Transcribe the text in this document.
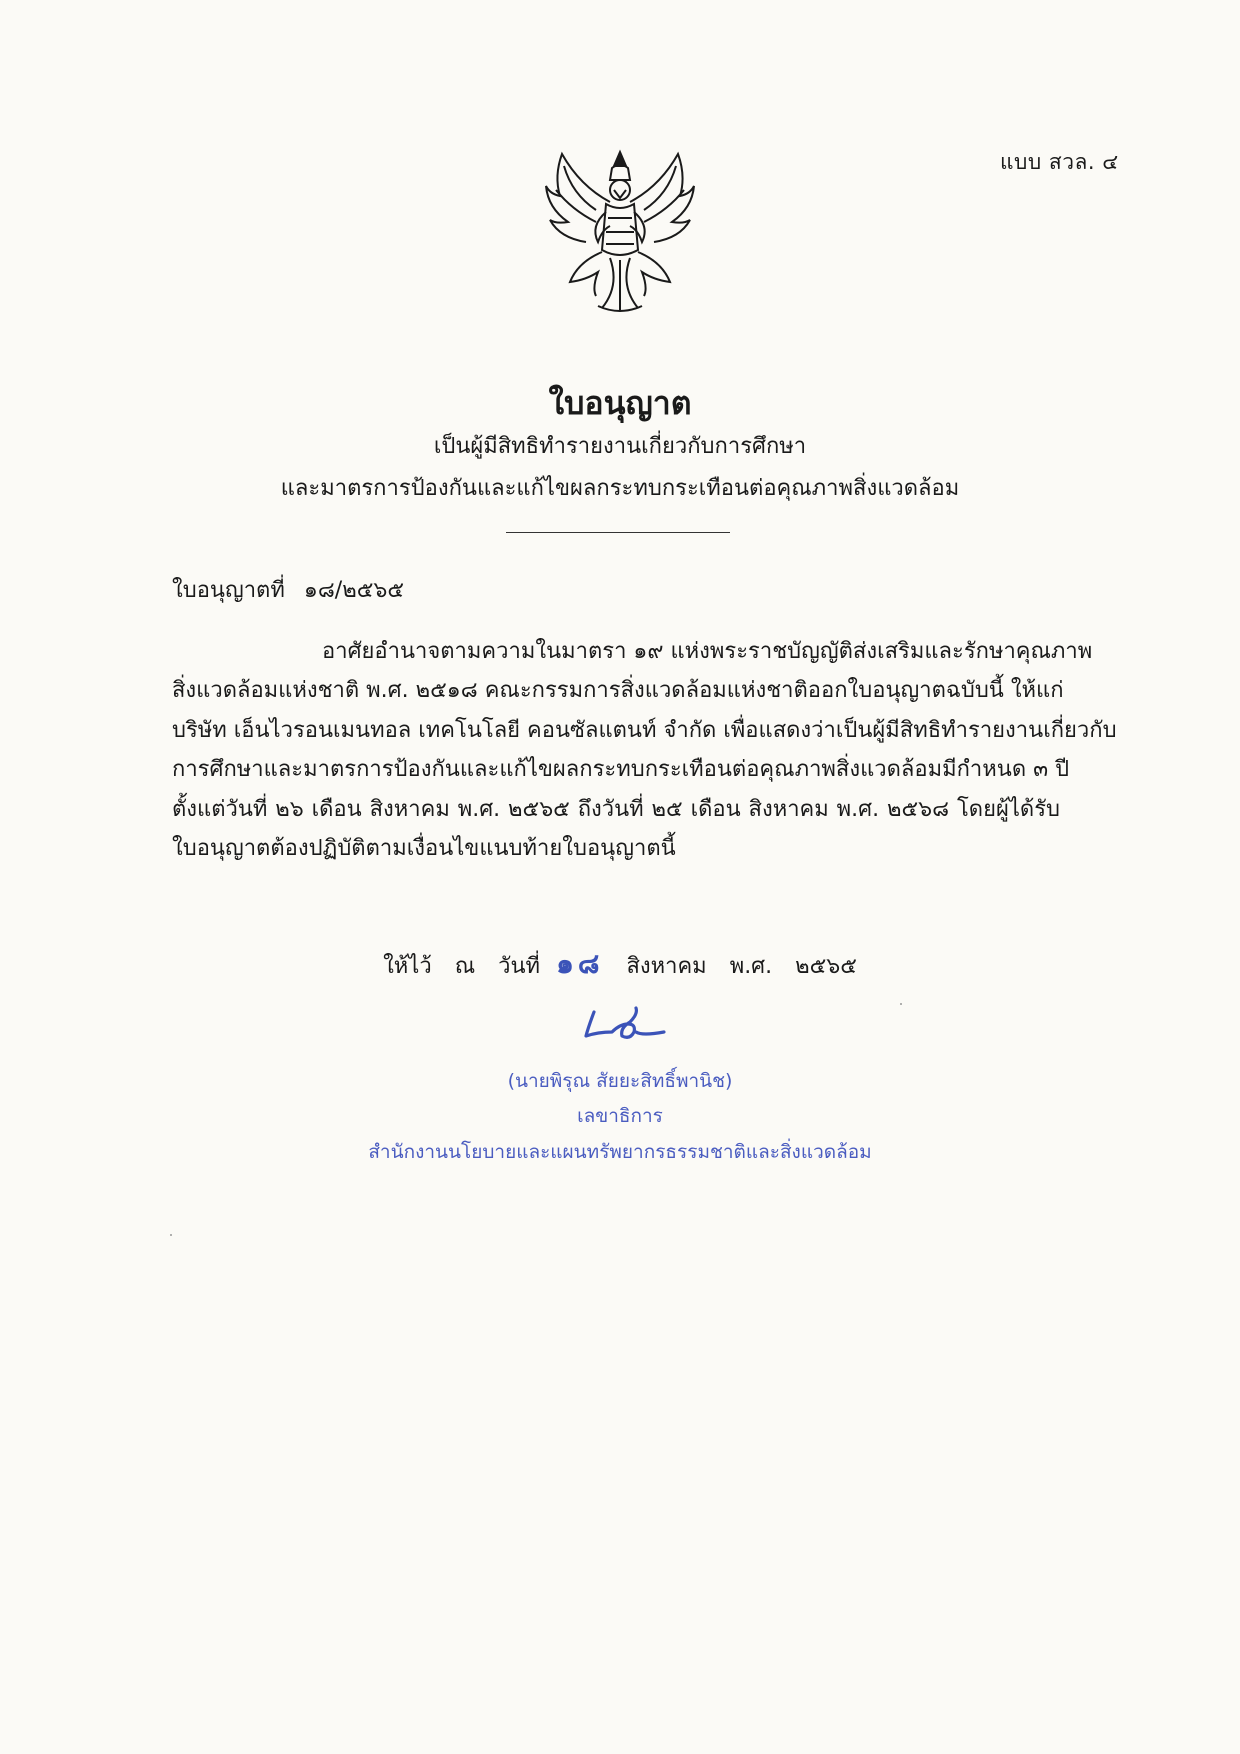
แบบ สวล. ๔
ใบอนุญาต
เป็นผู้มีสิทธิทำรายงานเกี่ยวกับการศึกษา
และมาตรการป้องกันและแก้ไขผลกระทบกระเทือนต่อคุณภาพสิ่งแวดล้อม
ใบอนุญาตที่ ๑๘/๒๕๖๕
อาศัยอำนาจตามความในมาตรา ๑๙ แห่งพระราชบัญญัติส่งเสริมและรักษาคุณภาพ
สิ่งแวดล้อมแห่งชาติ พ.ศ. ๒๕๑๘ คณะกรรมการสิ่งแวดล้อมแห่งชาติออกใบอนุญาตฉบับนี้ ให้แก่
บริษัท เอ็นไวรอนเมนทอล เทคโนโลยี คอนซัลแตนท์ จำกัด เพื่อแสดงว่าเป็นผู้มีสิทธิทำรายงานเกี่ยวกับ
การศึกษาและมาตรการป้องกันและแก้ไขผลกระทบกระเทือนต่อคุณภาพสิ่งแวดล้อมมีกำหนด ๓ ปี
ตั้งแต่วันที่ ๒๖ เดือน สิงหาคม พ.ศ. ๒๕๖๕ ถึงวันที่ ๒๕ เดือน สิงหาคม พ.ศ. ๒๕๖๘ โดยผู้ได้รับ
ใบอนุญาตต้องปฏิบัติตามเงื่อนไขแนบท้ายใบอนุญาตนี้
ให้ไว้ ณ วันที่ ๑๘ สิงหาคม พ.ศ. ๒๕๖๕
(นายพิรุณ สัยยะสิทธิ์พานิช)
เลขาธิการ
สำนักงานนโยบายและแผนทรัพยากรธรรมชาติและสิ่งแวดล้อม
